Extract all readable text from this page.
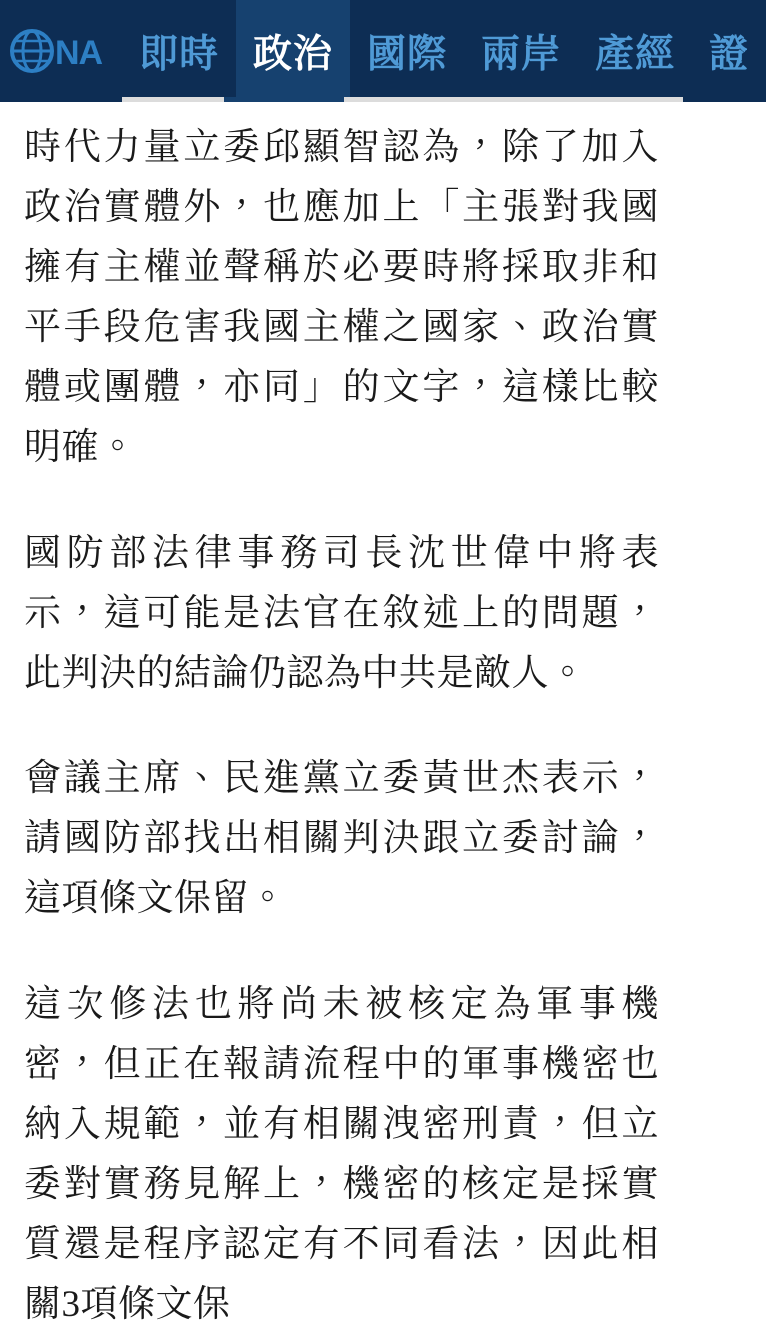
NA 即時 政治 國際 兩岸 產經 證

時代力量立委邱顯智認為，除了加入政治實體外，也應加上「主張對我國擁有主權並聲稱於必要時將採取非和平手段危害我國主權之國家、政治實體或團體，亦同」的文字，這樣比較明確。

國防部法律事務司長沈世偉中將表示，這可能是法官在敘述上的問題，此判決的結論仍認為中共是敵人。

會議主席、民進黨立委黃世杰表示，請國防部找出相關判決跟立委討論，這項條文保留。

這次修法也將尚未被核定為軍事機密，但正在報請流程中的軍事機密也納入規範，並有相關洩密刑責，但立委對實務見解上，機密的核定是採實質還是程序認定有不同看法，因此相關3項條文保
